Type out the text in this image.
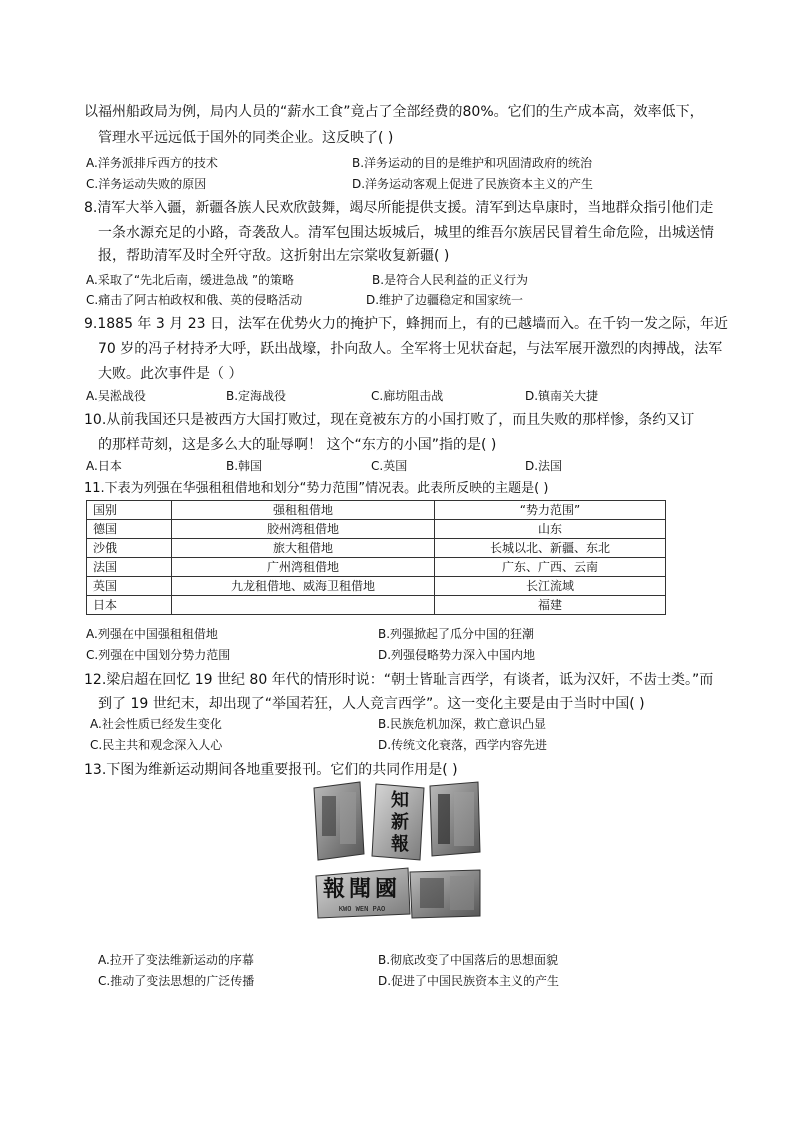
以福州船政局为例，局内人员的“薪水工食”竟占了全部经费的80%。它们的生产成本高，效率低下，
管理水平远远低于国外的同类企业。这反映了( )
A.洋务派排斥西方的技术	B.洋务运动的目的是维护和巩固清政府的统治
C.洋务运动失败的原因	D.洋务运动客观上促进了民族资本主义的产生
8.清军大举入疆，新疆各族人民欢欣鼓舞，竭尽所能提供支援。清军到达阜康时，当地群众指引他们走
一条水源充足的小路，奇袭敌人。清军包围达坂城后，城里的维吾尔族居民冒着生命危险，出城送情
报，帮助清军及时全歼守敌。这折射出左宗棠收复新疆( )
A.采取了“先北后南，缓进急战 ”的策略	B.是符合人民利益的正义行为
C.痛击了阿古柏政权和俄、英的侵略活动	D.维护了边疆稳定和国家统一
9.1885 年 3 月 23 日，法军在优势火力的掩护下，蜂拥而上，有的已越墙而入。在千钧一发之际，年近
70 岁的冯子材持矛大呼，跃出战壕，扑向敌人。全军将士见状奋起，与法军展开激烈的肉搏战，法军
大败。此次事件是（ ）
A.吴淞战役	B.定海战役	C.廊坊阻击战	D.镇南关大捷
10.从前我国还只是被西方大国打败过，现在竟被东方的小国打败了，而且失败的那样惨，条约又订
的那样苛刻，这是多么大的耻辱啊！ 这个“东方的小国”指的是( )
A.日本	B.韩国	C.英国	D.法国
11.下表为列强在华强租租借地和划分“势力范围”情况表。此表所反映的主题是( )
国别	强租租借地	“势力范围”
德国	胶州湾租借地	山东
沙俄	旅大租借地	长城以北、新疆、东北
法国	广州湾租借地	广东、广西、云南
英国	九龙租借地、威海卫租借地	长江流域
日本		福建
A.列强在中国强租租借地	B.列强掀起了瓜分中国的狂潮
C.列强在中国划分势力范围	D.列强侵略势力深入中国内地
12.梁启超在回忆 19 世纪 80 年代的情形时说：“朝士皆耻言西学，有谈者，诋为汉奸，不齿士类。”而
到了 19 世纪末，却出现了“举国若狂，人人竞言西学”。这一变化主要是由于当时中国( )
A.社会性质已经发生变化	B.民族危机加深，救亡意识凸显
C.民主共和观念深入人心	D.传统文化衰落，西学内容先进
13.下图为维新运动期间各地重要报刊。它们的共同作用是( )
知
新
報
報聞國
KWO WEN PAO
A.拉开了变法维新运动的序幕	B.彻底改变了中国落后的思想面貌
C.推动了变法思想的广泛传播	D.促进了中国民族资本主义的产生
